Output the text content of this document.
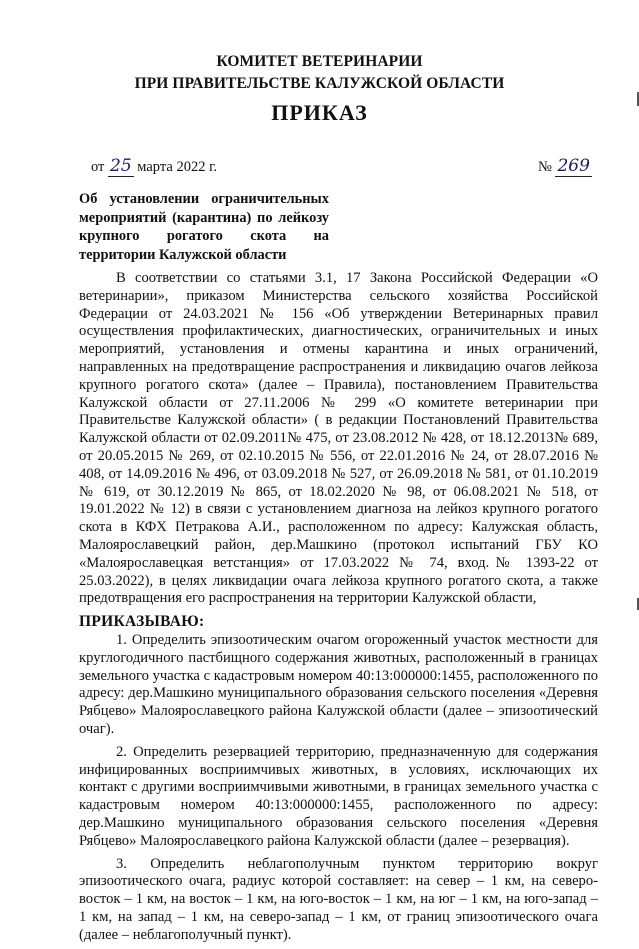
КОМИТЕТ ВЕТЕРИНАРИИ
ПРИ ПРАВИТЕЛЬСТВЕ КАЛУЖСКОЙ ОБЛАСТИ
ПРИКАЗ
от 25 марта 2022 г.	№ 269
Об установлении ограничительных мероприятий (карантина) по лейкозу крупного рогатого скота на территории Калужской области

В соответствии со статьями 3.1, 17 Закона Российской Федерации «О ветеринарии», приказом Министерства сельского хозяйства Российской Федерации от 24.03.2021 № 156 «Об утверждении Ветеринарных правил осуществления профилактических, диагностических, ограничительных и иных мероприятий, установления и отмены карантина и иных ограничений, направленных на предотвращение распространения и ликвидацию очагов лейкоза крупного рогатого скота» (далее – Правила), постановлением Правительства Калужской области от 27.11.2006 № 299 «О комитете ветеринарии при Правительстве Калужской области» ( в редакции Постановлений Правительства Калужской области от 02.09.2011№ 475, от 23.08.2012 № 428, от 18.12.2013№ 689, от 20.05.2015 № 269, от 02.10.2015 № 556, от 22.01.2016 № 24, от 28.07.2016 № 408, от 14.09.2016 № 496, от 03.09.2018 № 527, от 26.09.2018 № 581, от 01.10.2019 № 619, от 30.12.2019 № 865, от 18.02.2020 № 98, от 06.08.2021 № 518, от 19.01.2022 № 12) в связи с установлением диагноза на лейкоз крупного рогатого скота в КФХ Петракова А.И., расположенном по адресу: Калужская область, Малоярославецкий район, дер.Машкино (протокол испытаний ГБУ КО «Малоярославецкая ветстанция» от 17.03.2022 № 74, вход.№ 1393-22 от 25.03.2022), в целях ликвидации очага лейкоза крупного рогатого скота, а также предотвращения его распространения на территории Калужской области,

ПРИКАЗЫВАЮ:

1. Определить эпизоотическим очагом огороженный участок местности для круглогодичного пастбищного содержания животных, расположенный в границах земельного участка с кадастровым номером 40:13:000000:1455, расположенного по адресу: дер.Машкино муниципального образования сельского поселения «Деревня Рябцево» Малоярославецкого района Калужской области (далее – эпизоотический очаг).

2. Определить резервацией территорию, предназначенную для содержания инфицированных восприимчивых животных, в условиях, исключающих их контакт с другими восприимчивыми животными, в границах земельного участка с кадастровым номером 40:13:000000:1455, расположенного по адресу: дер.Машкино муниципального образования сельского поселения «Деревня Рябцево» Малоярославецкого района Калужской области (далее – резервация).

3. Определить неблагополучным пунктом территорию вокруг эпизоотического очага, радиус которой составляет: на север – 1 км, на северо-восток – 1 км, на восток – 1 км, на юго-восток – 1 км, на юг – 1 км, на юго-запад – 1 км, на запад – 1 км, на северо-запад – 1 км, от границ эпизоотического очага (далее – неблагополучный пункт).
